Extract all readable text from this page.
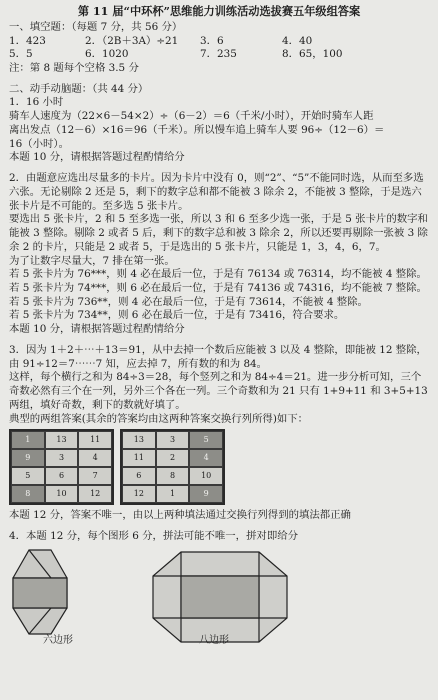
第 11 届“中环杯”思维能力训练活动选拔赛五年级组答案
一、填空题：（每题 7 分，共 56 分）
1．423	2．（2B＋3A）÷21	3．6	4．40
5．5	6．1020	7．235	8．65，100
注：第 8 题每个空格 3.5 分
二、动手动脑题：（共 44 分）
1．16 小时
骑车人速度为（22×6－54×2）÷（6－2）＝6（千米/小时），开始时骑车人距
离出发点（12－6）×16＝96（千米）。所以慢车追上骑车人要 96÷（12－6）＝
16（小时）。
本题 10 分，请根据答题过程酌情给分
2．由题意应选出尽量多的卡片。因为卡片中没有 0，则“2”、“5”不能同时选，从而至多选
六张。无论剔除 2 还是 5，剩下的数字总和都不能被 3 除余 2，不能被 3 整除，于是选六张卡片是不可能的。至多选 5 张卡片。
要选出 5 张卡片，2 和 5 至多选一张，所以 3 和 6 至多少选一张，于是 5 张卡片的数字和能被 3 整除。剔除 2 或者 5 后，剩下的数字总和被 3 除余 2，所以还要再剔除一张被 3 除余 2 的卡片，只能是 2 或者 5，于是选出的 5 张卡片，只能是 1，3，4，6，7。
为了让数字尽量大，7 排在第一张。
若 5 张卡片为 76***，则 4 必在最后一位，于是有 76134 或 76314，均不能被 4 整除。
若 5 张卡片为 74***，则 6 必在最后一位，于是有 74136 或 74316，均不能被 7 整除。
若 5 张卡片为 736**，则 4 必在最后一位，于是有 73614，不能被 4 整除。
若 5 张卡片为 734**，则 6 必在最后一位，于是有 73416，符合要求。
本题 10 分，请根据答题过程酌情给分
3．因为 1＋2＋⋯＋13＝91，从中去掉一个数后应能被 3 以及 4 整除，即能被 12 整除，由 91÷12＝7⋯⋯7 知，应去掉 7，所有数的和为 84。
这样，每个横行之和为 84÷3＝28，每个竖列之和为 84÷4＝21。进一步分析可知，三个奇数必然有三个在一列，另外三个各在一列。三个奇数和为 21 只有 1+9+11 和 3+5+13 两组，填好奇数，剩下的数就好填了。
典型的两组答案(其余的答案均由这两种答案交换行列所得)如下：
1	13	11
9	3	4
5	6	7
8	10	12
13	3	5
11	2	4
6	8	10
12	1	9
本题 12 分，答案不唯一，由以上两种填法通过交换行列得到的填法都正确
4．本题 12 分，每个图形 6 分，拼法可能不唯一，拼对即给分
六边形	八边形
